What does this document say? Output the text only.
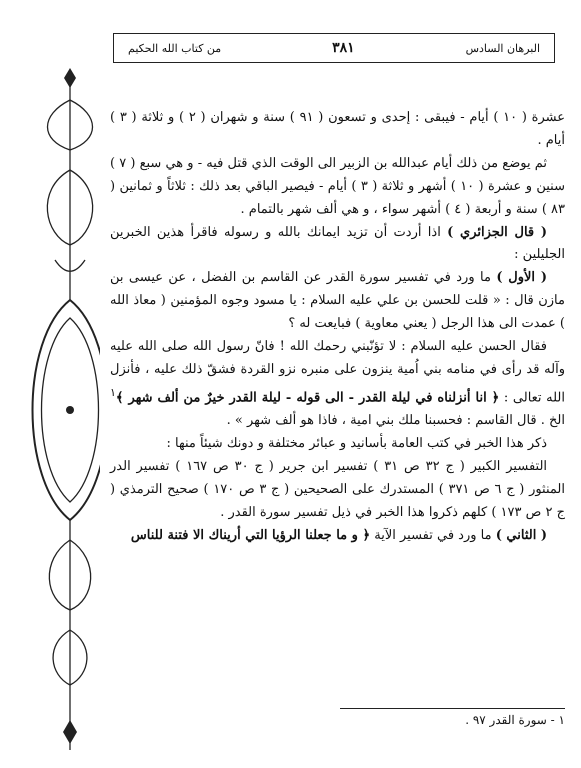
من كتاب الله الحكيم	٣٨١	البرهان السادس

عشرة ( ١٠ ) أيام - فيبقى : إحدى و تسعون ( ٩١ ) سنة و شهران ( ٢ ) و ثلاثة ( ٣ ) أيام .

ثم يوضع من ذلك أيام عبدالله بن الزبير الى الوقت الذي قتل فيه - و هي سبع ( ٧ ) سنين و عشرة ( ١٠ ) أشهر و ثلاثة ( ٣ ) أيام - فيصير الباقي بعد ذلك : ثلاثاً و ثمانين ( ٨٣ ) سنة و أربعة ( ٤ ) أشهر سواء ، و هي ألف شهر بالتمام .

( قال الجزائري ) اذا أردت أن تزيد ايمانك بالله و رسوله فاقرأ هذين الخبرين الجليلين :

( الأول ) ما ورد في تفسير سورة القدر عن القاسم بن الفضل ، عن عيسى بن مازن قال : « قلت للحسن بن علي عليه السلام : يا مسود وجوه المؤمنين ( معاذ الله ) عمدت الى هذا الرجل ( يعني معاوية ) فبايعت له ؟

فقال الحسن عليه السلام : لا تؤنّبني رحمك الله ! فانّ رسول الله صلى الله عليه وآله قد رأى في منامه بني اُمية ينزون على منبره نزو القردة فشقّ ذلك عليه ، فأنزل الله تعالى : ﴿ انا أنزلناه في ليلة القدر - الى قوله - ليلة القدر خيرٌ من ألف شهر ﴾$^١$ الخ . قال القاسم : فحسبنا ملك بني امية ، فاذا هو ألف شهر » .

ذكر هذا الخبر في كتب العامة بأسانيد و عبائر مختلفة و دونك شيئاً منها :

التفسير الكبير ( ج ٣٢ ص ٣١ ) تفسير ابن جرير ( ج ٣٠ ص ١٦٧ ) تفسير الدر المنثور ( ج ٦ ص ٣٧١ ) المستدرك على الصحيحين ( ج ٣ ص ١٧٠ ) صحيح الترمذي ( ج ٢ ص ١٧٣ ) كلهم ذكروا هذا الخبر في ذيل تفسير سورة القدر .

( الثاني ) ما ورد في تفسير الآية ﴿ و ما جعلنا الرؤيا التي أريناك الا فتنة للناس

١ - سورة القدر ٩٧ .
